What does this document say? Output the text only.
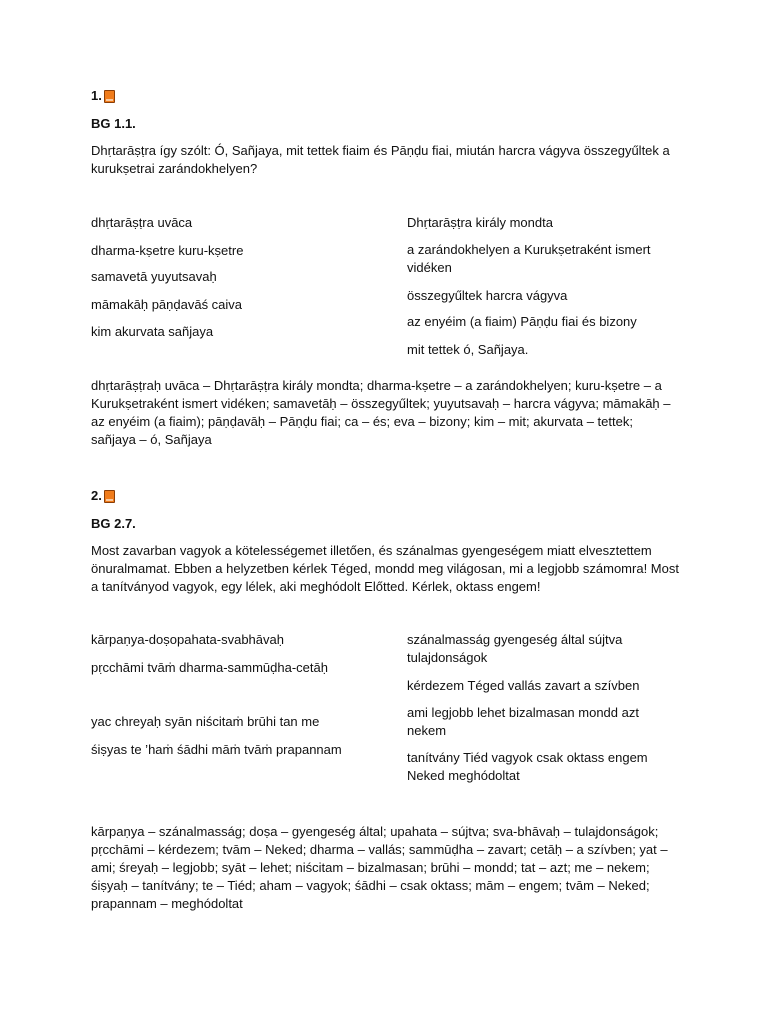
1.
BG 1.1.
Dhṛtarāṣṭra így szólt: Ó, Sañjaya, mit tettek fiaim és Pāṇḍu fiai, miután harcra vágyva összegyűltek a kurukṣetrai zarándokhelyen?
dhṛtarāṣṭra uvāca
dharma-kṣetre kuru-kṣetre
samavetā yuyutsavaḥ
māmakāḥ pāṇḍavāś caiva
kim akurvata sañjaya
Dhṛtarāṣṭra király mondta
a zarándokhelyen a Kurukṣetraként ismert vidéken
összegyűltek harcra vágyva
az enyéim (a fiaim) Pāṇḍu fiai és bizony
mit tettek ó, Sañjaya.
dhṛtarāṣṭraḥ uvāca – Dhṛtarāṣṭra király mondta; dharma-kṣetre – a zarándokhelyen; kuru-kṣetre – a Kurukṣetraként ismert vidéken; samavetāḥ – összegyűltek; yuyutsavaḥ – harcra vágyva; māmakāḥ – az enyéim (a fiaim); pāṇḍavāḥ – Pāṇḍu fiai; ca – és; eva – bizony; kim – mit; akurvata – tettek; sañjaya – ó, Sañjaya
2.
BG 2.7.
Most zavarban vagyok a kötelességemet illetően, és szánalmas gyengeségem miatt elvesztettem önuralmamat. Ebben a helyzetben kérlek Téged, mondd meg világosan, mi a legjobb számomra! Most a tanítványod vagyok, egy lélek, aki meghódolt Előtted. Kérlek, oktass engem!
kārpaṇya-doṣopahata-svabhāvaḥ
pṛcchāmi tvāṁ dharma-sammūḍha-cetāḥ
yac chreyaḥ syān niścitaṁ brūhi tan me
śiṣyas te ’haṁ śādhi māṁ tvāṁ prapannam
szánalmasság gyengeség által sújtva tulajdonságok
kérdezem Téged vallás zavart a szívben
ami legjobb lehet bizalmasan mondd azt nekem
tanítvány Tiéd vagyok csak oktass engem Neked meghódoltat
kārpaṇya – szánalmasság; doṣa – gyengeség által; upahata – sújtva; sva-bhāvaḥ – tulajdonságok; pṛcchāmi – kérdezem; tvām – Neked; dharma – vallás; sammūḍha – zavart; cetāḥ – a szívben; yat – ami; śreyaḥ – legjobb; syāt – lehet; niścitam – bizalmasan; brūhi – mondd; tat – azt; me – nekem; śiṣyaḥ – tanítvány; te – Tiéd; aham – vagyok; śādhi – csak oktass; mām – engem; tvām – Neked; prapannam – meghódoltat
